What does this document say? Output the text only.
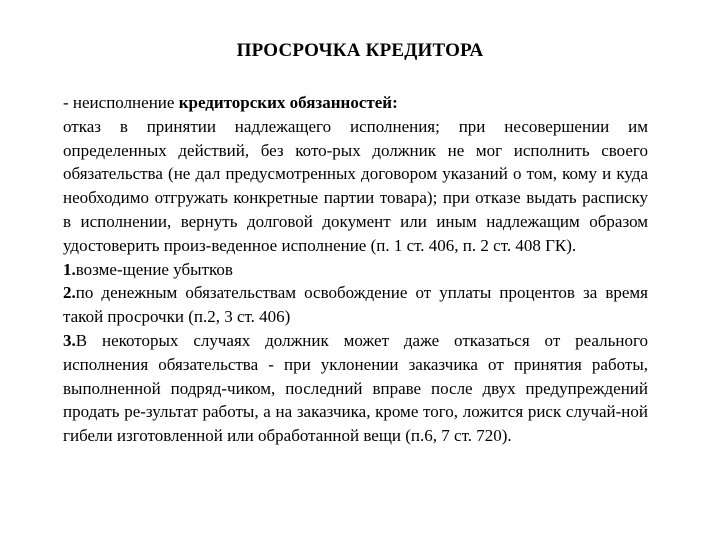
ПРОСРОЧКА КРЕДИТОРА

- неисполнение кредиторских обязанностей:
отказ в принятии надлежащего исполнения; при несовершении им определенных действий, без кото-рых должник не мог исполнить своего обязательства (не дал предусмотренных договором указаний о том, кому и куда необходимо отгружать конкретные партии товара); при отказе выдать расписку в исполнении, вернуть долговой документ или иным надлежащим образом удостоверить произ-веденное исполнение (п. 1 ст. 406, п. 2 ст. 408 ГК).

1.возме-щение убытков

2.по денежным обязательствам освобождение от уплаты процентов за время такой просрочки (п.2, 3 ст. 406)

3.В некоторых случаях должник может даже отказаться от реального исполнения обязательства - при уклонении заказчика от принятия работы, выполненной подряд-чиком, последний вправе после двух предупреждений продать ре-зультат работы, а на заказчика, кроме того, ложится риск случай-ной гибели изготовленной или обработанной вещи (п.6, 7 ст. 720).
